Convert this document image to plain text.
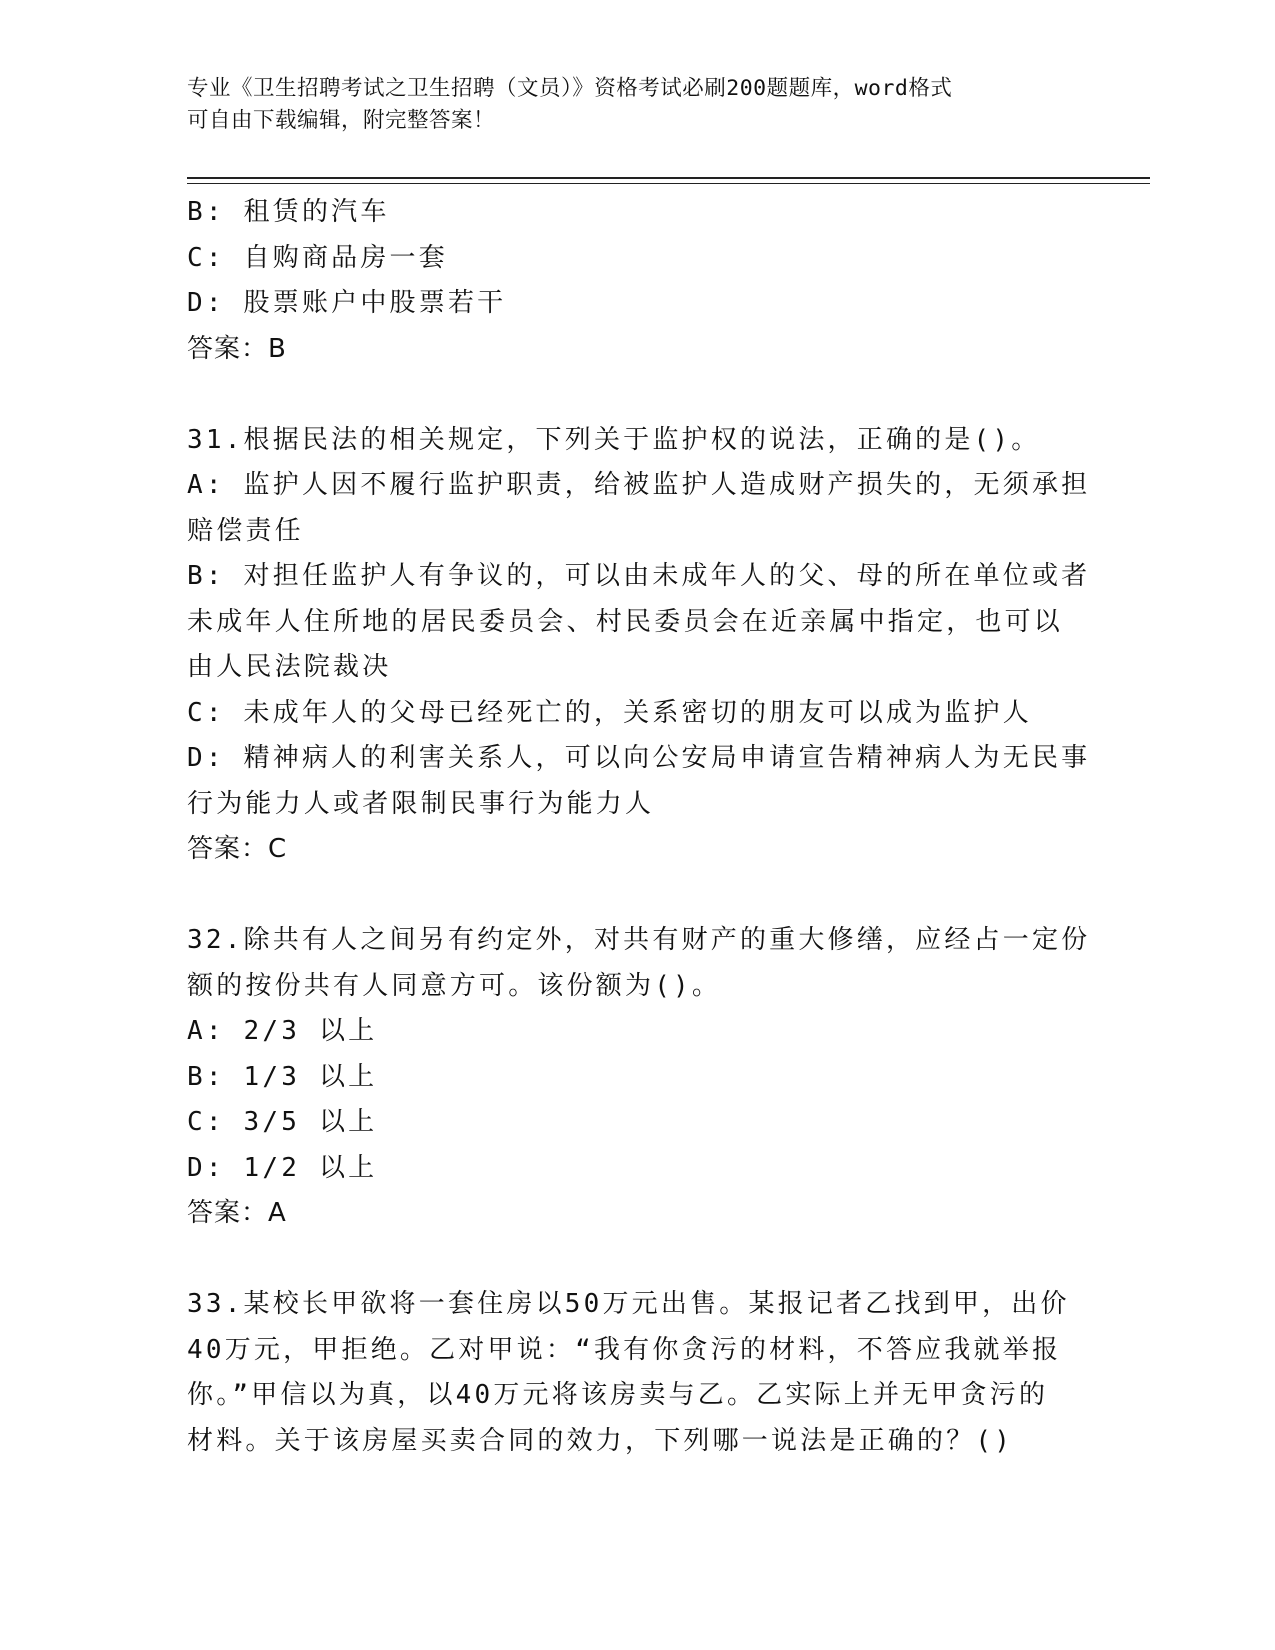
专业《卫生招聘考试之卫生招聘（文员）》资格考试必刷200题题库，word格式
可自由下载编辑，附完整答案！
B: 租赁的汽车
C: 自购商品房一套
D: 股票账户中股票若干
答案：B
31.根据民法的相关规定，下列关于监护权的说法，正确的是()。
A: 监护人因不履行监护职责，给被监护人造成财产损失的，无须承担
赔偿责任
B: 对担任监护人有争议的，可以由未成年人的父、母的所在单位或者
未成年人住所地的居民委员会、村民委员会在近亲属中指定，也可以
由人民法院裁决
C: 未成年人的父母已经死亡的，关系密切的朋友可以成为监护人
D: 精神病人的利害关系人，可以向公安局申请宣告精神病人为无民事
行为能力人或者限制民事行为能力人
答案：C
32.除共有人之间另有约定外，对共有财产的重大修缮，应经占一定份
额的按份共有人同意方可。该份额为()。
A: 2/3 以上
B: 1/3 以上
C: 3/5 以上
D: 1/2 以上
答案：A
33.某校长甲欲将一套住房以50万元出售。某报记者乙找到甲，出价
40万元，甲拒绝。乙对甲说：“我有你贪污的材料，不答应我就举报
你。”甲信以为真，以40万元将该房卖与乙。乙实际上并无甲贪污的
材料。关于该房屋买卖合同的效力，下列哪一说法是正确的？()
